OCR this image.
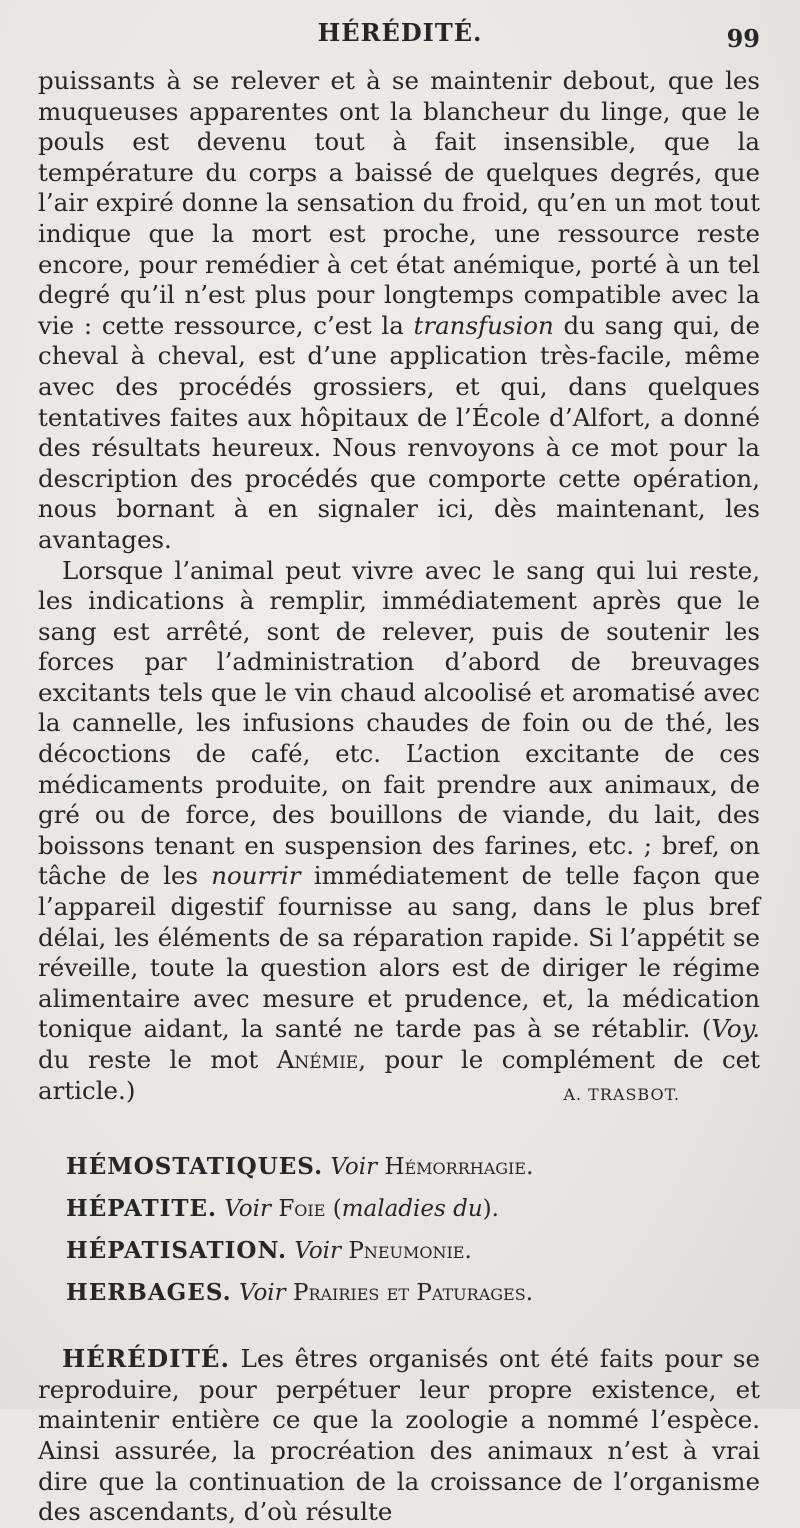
HÉRÉDITÉ.	99

puissants à se relever et à se maintenir debout, que les muqueuses apparentes ont la blancheur du linge, que le pouls est devenu tout à fait insensible, que la température du corps a baissé de quelques degrés, que l’air expiré donne la sensation du froid, qu’en un mot tout indique que la mort est proche, une ressource reste encore, pour remédier à cet état anémique, porté à un tel degré qu’il n’est plus pour longtemps compatible avec la vie : cette ressource, c’est la transfusion du sang qui, de cheval à cheval, est d’une application très-facile, même avec des procédés grossiers, et qui, dans quelques tentatives faites aux hôpitaux de l’École d’Alfort, a donné des résultats heureux. Nous renvoyons à ce mot pour la description des procédés que comporte cette opération, nous bornant à en signaler ici, dès maintenant, les avantages.

Lorsque l’animal peut vivre avec le sang qui lui reste, les indications à remplir, immédiatement après que le sang est arrêté, sont de relever, puis de soutenir les forces par l’administration d’abord de breuvages excitants tels que le vin chaud alcoolisé et aromatisé avec la cannelle, les infusions chaudes de foin ou de thé, les décoctions de café, etc. L’action excitante de ces médicaments produite, on fait prendre aux animaux, de gré ou de force, des bouillons de viande, du lait, des boissons tenant en suspension des farines, etc. ; bref, on tâche de les nourrir immédiatement de telle façon que l’appareil digestif fournisse au sang, dans le plus bref délai, les éléments de sa réparation rapide. Si l’appétit se réveille, toute la question alors est de diriger le régime alimentaire avec mesure et prudence, et, la médication tonique aidant, la santé ne tarde pas à se rétablir. (Voy. du reste le mot Anémie, pour le complément de cet article.)	A. TRASBOT.

HÉMOSTATIQUES. Voir Hémorrhagie.
HÉPATITE. Voir Foie (maladies du).
HÉPATISATION. Voir Pneumonie.
HERBAGES. Voir Prairies et Paturages.

HÉRÉDITÉ. Les êtres organisés ont été faits pour se reproduire, pour perpétuer leur propre existence, et maintenir entière ce que la zoologie a nommé l’espèce. Ainsi assurée, la procréation des animaux n’est à vrai dire que la continuation de la croissance de l’organisme des ascendants, d’où résulte
